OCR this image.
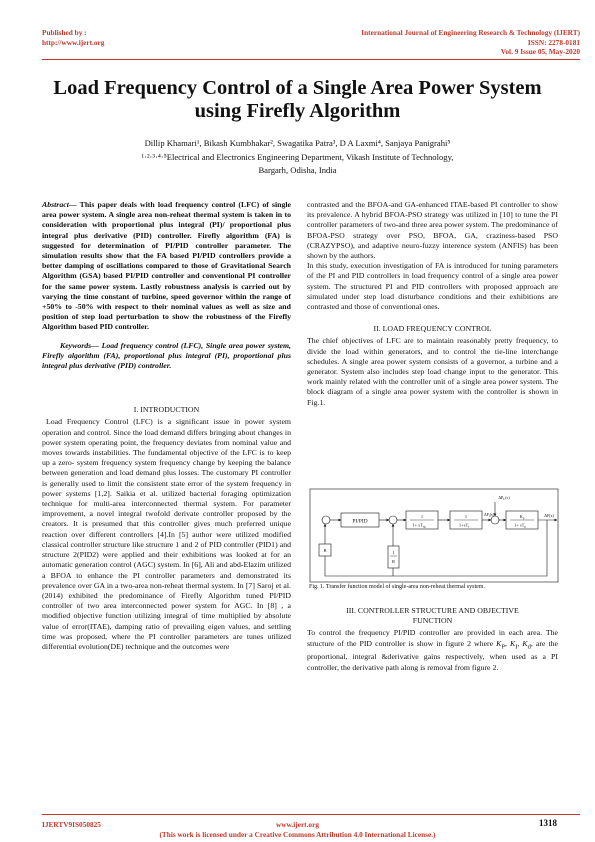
Published by :
http://www.ijert.org
International Journal of Engineering Research & Technology (IJERT)
ISSN: 2278-0181
Vol. 9 Issue 05, May-2020
Load Frequency Control of a Single Area Power System using Firefly Algorithm
Dillip Khamari¹, Bikash Kumbhakar², Swagatika Patra³, D A Laxmi⁴, Sanjaya Panigrahi⁵
¹·²·³·⁴·⁵Electrical and Electronics Engineering Department, Vikash Institute of Technology,
Bargarh, Odisha, India

Abstract— This paper deals with load frequency control (LFC) of single area power system. A single area non-reheat thermal system is taken in to consideration with proportional plus integral (PI)/ proportional plus integral plus derivative (PID) controller. Firefly algorithm (FA) is suggested for determination of PI/PID controller parameter. The simulation results show that the FA based PI/PID controllers provide a better damping of oscillations compared to those of Gravitational Search Algorithm (GSA) based PI/PID controller and conventional PI controller for the same power system. Lastly robustness analysis is carried out by varying the time constant of turbine, speed governor within the range of +50% to -50% with respect to their nominal values as well as size and position of step load perturbation to show the robustness of the Firefly Algorithm based PID controller.

Keywords— Load frequency control (LFC), Single area power system, Firefly algorithm (FA), proportional plus integral (PI), proportional plus integral plus derivative (PID) controller.

I. INTRODUCTION

Load Frequency Control (LFC) is a significant issue in power system operation and control. Since the load demand differs bringing about changes in power system operating point, the frequency deviates from nominal value and moves towards instabilities. The fundamental objective of the LFC is to keep up a zero- system frequency system frequency change by keeping the balance between generation and load demand plus losses. The customary PI controller is generally used to limit the consistent state error of the system frequency in power systems [1,2]. Saikia et al. utilized bacterial foraging optimization technique for multi-area interconnected thermal system. For parameter improvement, a novel integral twofold derivate controller proposed by the creators. It is presumed that this controller gives much preferred unique reaction over different controllers [4].In [5] author were utilized modified classical controller structure like structure 1 and 2 of PID controller (PID1) and structure 2(PID2) were applied and their exhibitions was looked at for an automatic generation control (AGC) system. In [6], Ali and abd-Elazim utilized a BFOA to enhance the PI controller parameters and demonstrated its prevalence over GA in a two-area non-reheat thermal system. In [7] Saroj et al. (2014) exhibited the predominance of Firefly Algorithm tuned PI/PID controller of two area interconnected power system for AGC. In [8] , a modified objective function utilizing integral of time multiplied by absolute value of error(ITAE), damping ratio of prevailing eigen values, and settling time was proposed, where the PI controller parameters are tunes utilized differential evolution(DE) technique and the outcomes were

contrasted and the BFOA-and GA-enhanced ITAE-based PI controller to show its prevalence. A hybrid BFOA-PSO strategy was utilized in [10] to tune the PI controller parameters of two-and three area power system. The predominance of BFOA-PSO strategy over PSO, BFOA, GA, craziness-based PSO (CRAZYPSO), and adaptive neuro-fuzzy interence system (ANFIS) has been shown by the authors.

In this study, execution investigation of FA is introduced for tuning parameters of the PI and PID controllers in load frequency control of a single area power system. The structured PI and PID controllers with proposed approach are simulated under step load disturbance conditions and their exhibitions are contrasted and those of conventional ones.

II. LOAD FREQUENCY CONTROL

The chief objectives of LFC are to maintain reasonably pretty frequency, to divide the load within generators, and to control the tie-line interchange schedules. A single area power system consists of a governor, a turbine and a generator. System also includes step load change input to the generator. This work mainly related with the controller unit of a single area power system. The block diagram of a single area power system with the controller is shown in Fig.1.

PI/PID
1
$1+ sT_{sg}$
1
$1+sT_t$
$K_p$
$1+ sT_p$
$\Delta P_L(s)$
$\Delta P_t(s)$	ΔF(s)
B	1
R
Fig. 1. Transfer function model of single-area non-reheat thermal system.

III. CONTROLLER STRUCTURE AND OBJECTIVE

FUNCTION

To control the frequency PI/PID controller are provided in each area. The structure of the PID controller is show in figure 2 where $K_P$, $K_I$, $K_d$, are the proportional, integral &derivative gains respectively, when used as a PI controller, the derivative path along is removal from figure 2.

IJERTV9IS050825	www.ijert.org
(This work is licensed under a Creative Commons Attribution 4.0 International License.)
1318
